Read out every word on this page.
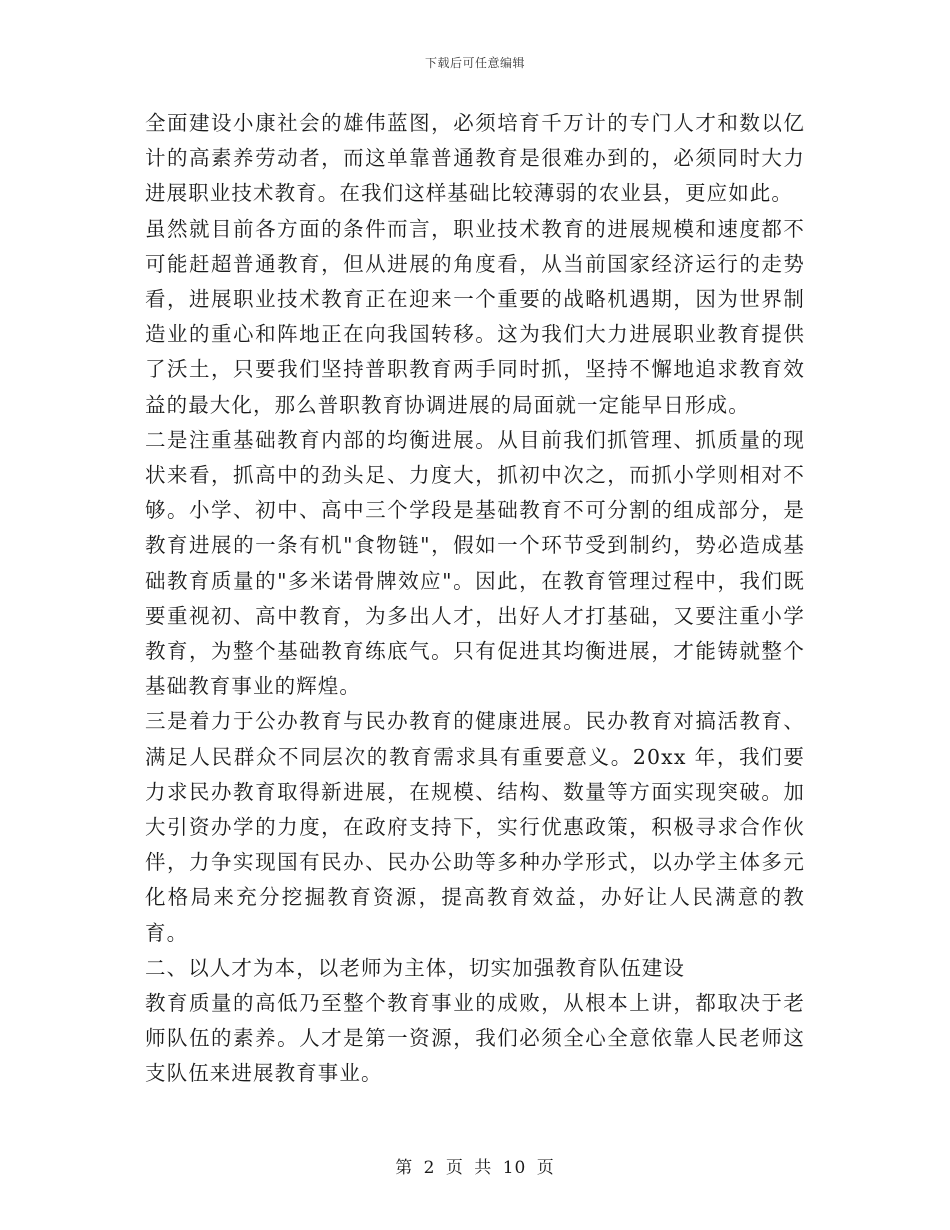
下载后可任意编辑

全面建设小康社会的雄伟蓝图，必须培育千万计的专门人才和数以亿计的高素养劳动者，而这单靠普通教育是很难办到的，必须同时大力进展职业技术教育。在我们这样基础比较薄弱的农业县，更应如此。

虽然就目前各方面的条件而言，职业技术教育的进展规模和速度都不可能赶超普通教育，但从进展的角度看，从当前国家经济运行的走势看，进展职业技术教育正在迎来一个重要的战略机遇期，因为世界制造业的重心和阵地正在向我国转移。这为我们大力进展职业教育提供了沃土，只要我们坚持普职教育两手同时抓，坚持不懈地追求教育效益的最大化，那么普职教育协调进展的局面就一定能早日形成。

二是注重基础教育内部的均衡进展。从目前我们抓管理、抓质量的现状来看，抓高中的劲头足、力度大，抓初中次之，而抓小学则相对不够。小学、初中、高中三个学段是基础教育不可分割的组成部分，是教育进展的一条有机"食物链"，假如一个环节受到制约，势必造成基础教育质量的"多米诺骨牌效应"。因此，在教育管理过程中，我们既要重视初、高中教育，为多出人才，出好人才打基础，又要注重小学教育，为整个基础教育练底气。只有促进其均衡进展，才能铸就整个基础教育事业的辉煌。

三是着力于公办教育与民办教育的健康进展。民办教育对搞活教育、满足人民群众不同层次的教育需求具有重要意义。20xx 年，我们要力求民办教育取得新进展，在规模、结构、数量等方面实现突破。加大引资办学的力度，在政府支持下，实行优惠政策，积极寻求合作伙伴，力争实现国有民办、民办公助等多种办学形式，以办学主体多元化格局来充分挖掘教育资源，提高教育效益，办好让人民满意的教育。

二、以人才为本，以老师为主体，切实加强教育队伍建设

教育质量的高低乃至整个教育事业的成败，从根本上讲，都取决于老师队伍的素养。人才是第一资源，我们必须全心全意依靠人民老师这支队伍来进展教育事业。

第 2 页 共 10 页
